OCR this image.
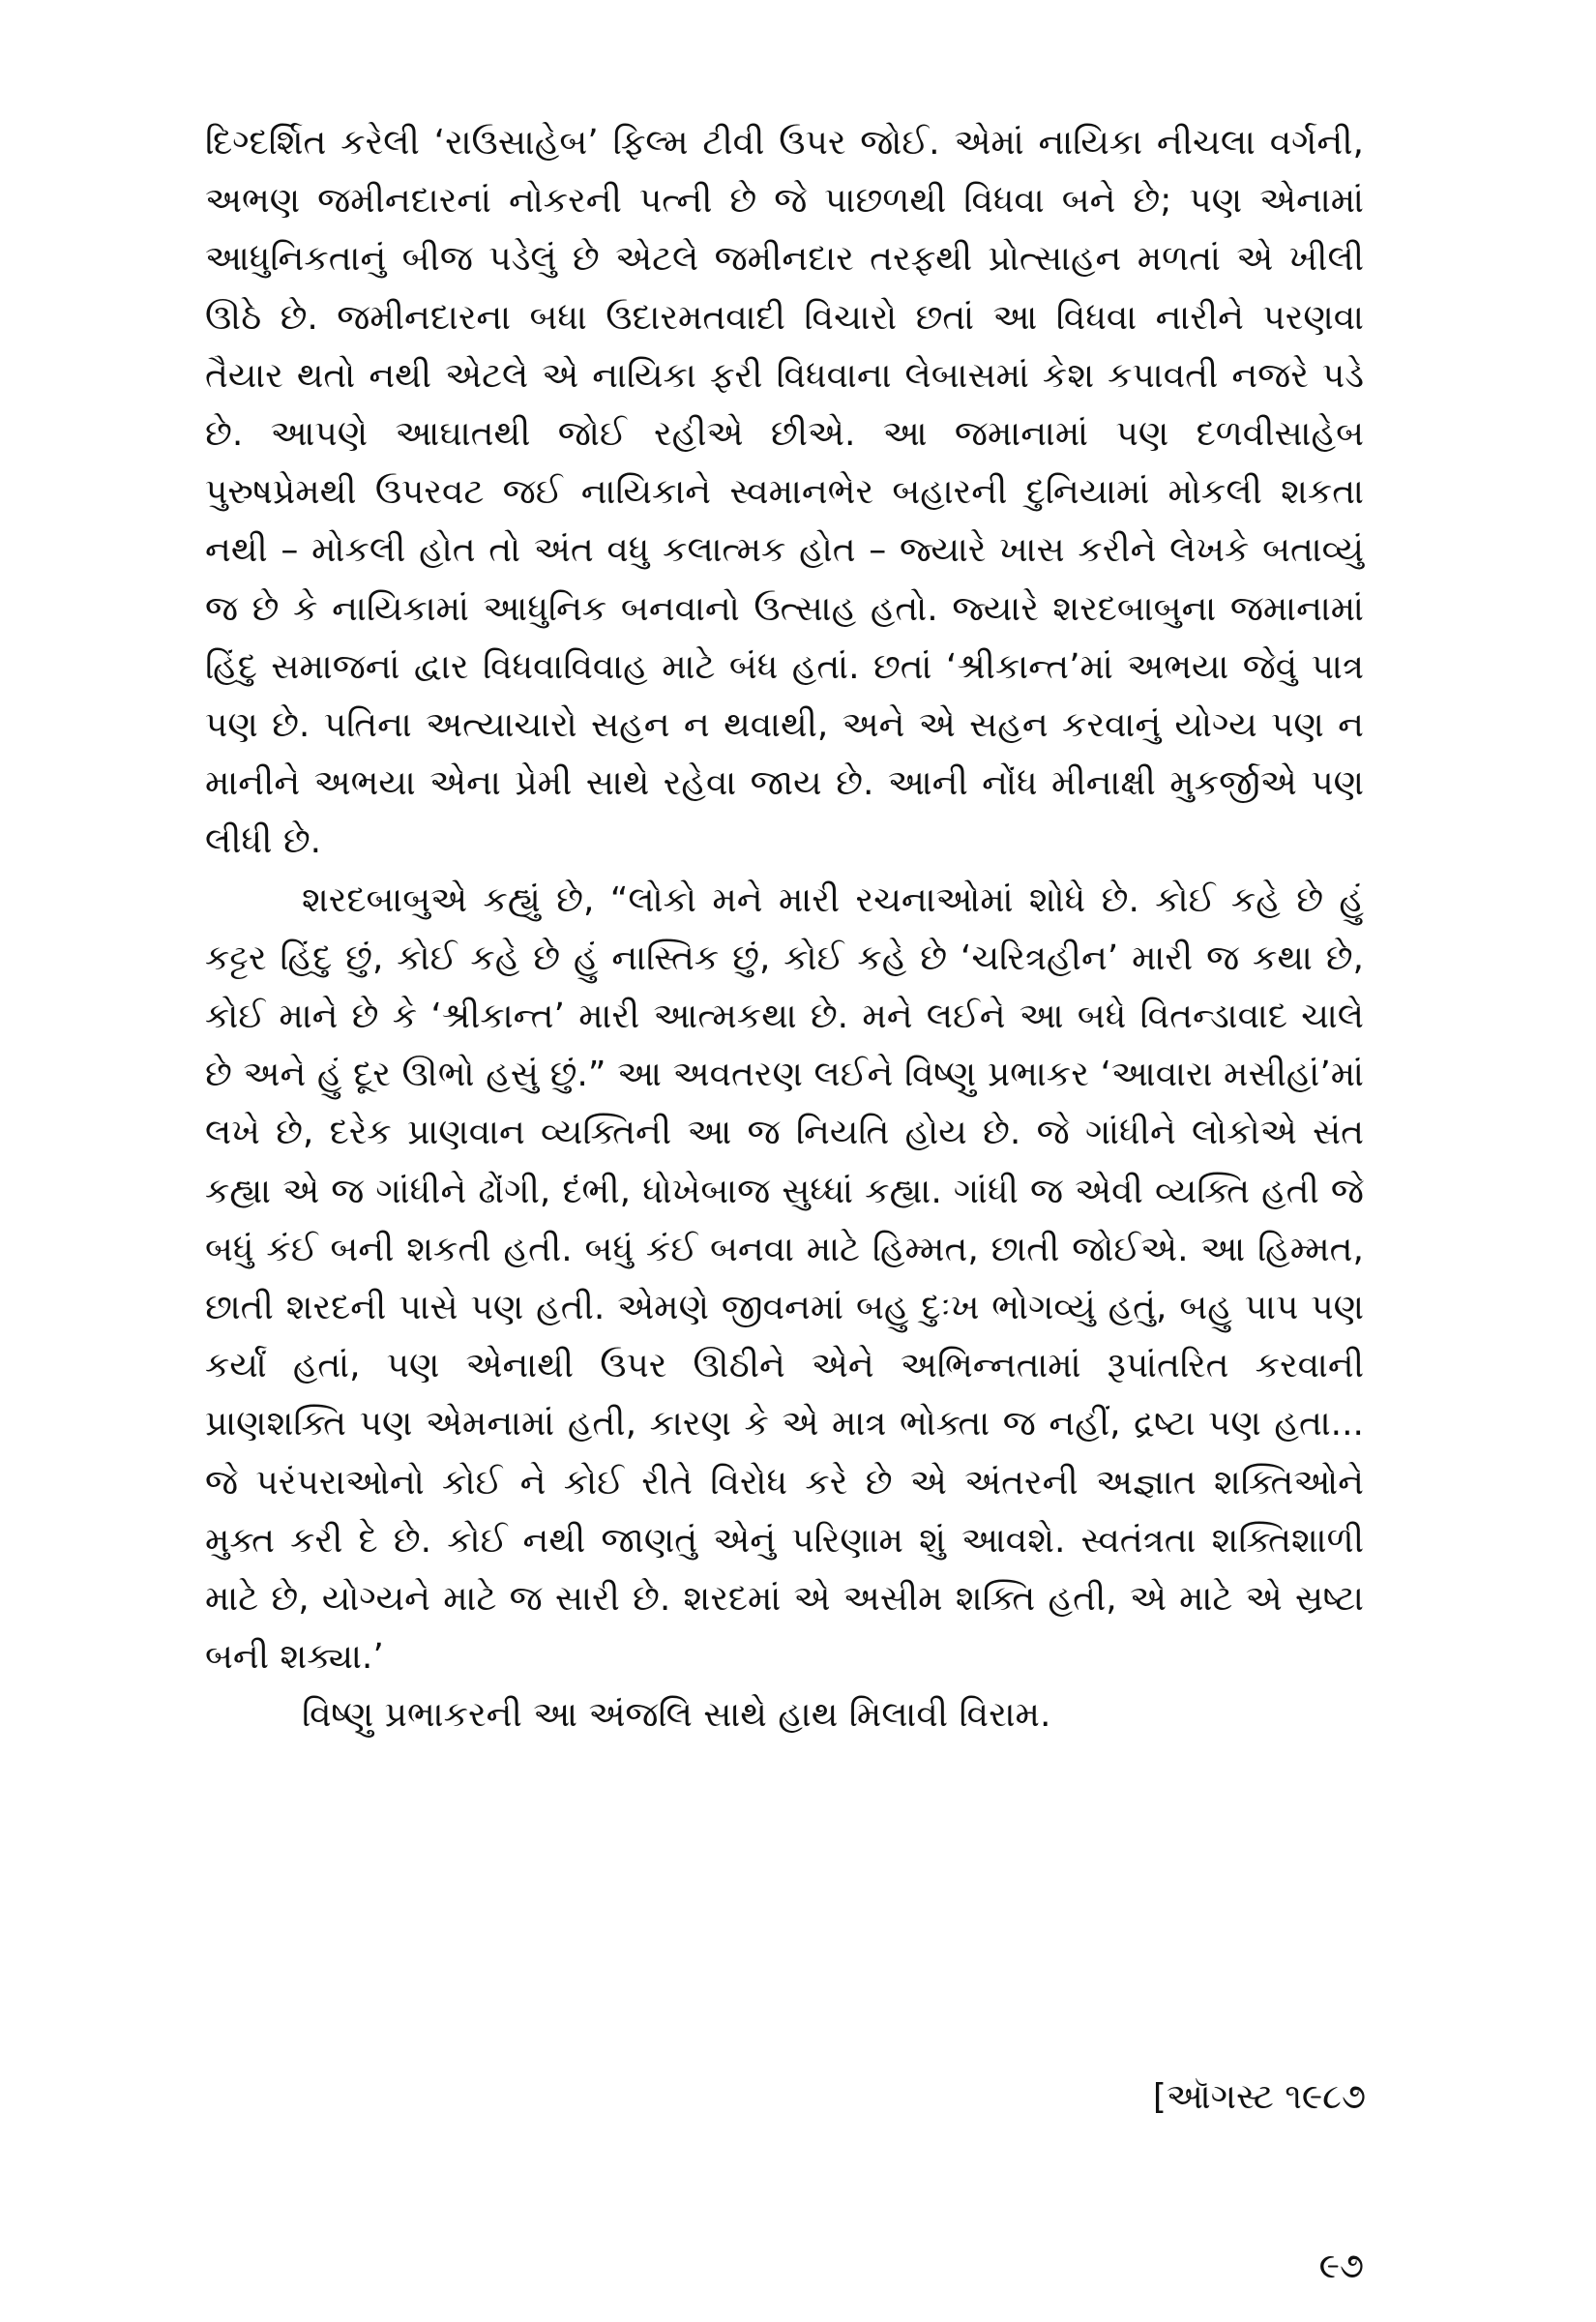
દિગ્દર્શિત કરેલી ‘રાઉસાહેબ’ ફિલ્મ ટીવી ઉપર જોઈ. એમાં નાયિકા નીચલા વર્ગની, અભણ જમીનદારનાં નોકરની પત્ની છે જે પાછળથી વિધવા બને છે; પણ એનામાં આધુનિકતાનું બીજ પડેલું છે એટલે જમીનદાર તરફથી પ્રોત્સાહન મળતાં એ ખીલી ઊઠે છે. જમીનદારના બધા ઉદારમતવાદી વિચારો છતાં આ વિધવા નારીને પરણવા તૈયાર થતો નથી એટલે એ નાયિકા ફરી વિધવાના લેબાસમાં કેશ કપાવતી નજરે પડે છે. આપણે આઘાતથી જોઈ રહીએ છીએ. આ જમાનામાં પણ દળવીસાહેબ પુરુષપ્રેમથી ઉપરવટ જઈ નાયિકાને સ્વમાનભેર બહારની દુનિયામાં મોકલી શકતા નથી – મોકલી હોત તો અંત વધુ કલાત્મક હોત – જ્યારે ખાસ કરીને લેખકે બતાવ્યું જ છે કે નાયિકામાં આધુનિક બનવાનો ઉત્સાહ હતો. જ્યારે શરદબાબુના જમાનામાં હિંદુ સમાજનાં દ્વાર વિધવાવિવાહ માટે બંધ હતાં. છતાં ‘શ્રીકાન્ત’માં અભયા જેવું પાત્ર પણ છે. પતિના અત્યાચારો સહન ન થવાથી, અને એ સહન કરવાનું યોગ્ય પણ ન માનીને અભયા એના પ્રેમી સાથે રહેવા જાય છે. આની નોંધ મીનાક્ષી મુકર્જીએ પણ લીધી છે.

શરદબાબુએ કહ્યું છે, “લોકો મને મારી રચનાઓમાં શોધે છે. કોઈ કહે છે હું કટ્ટર હિંદુ છું, કોઈ કહે છે હું નાસ્તિક છું, કોઈ કહે છે ‘ચરિત્રહીન’ મારી જ કથા છે, કોઈ માને છે કે ‘શ્રીકાન્ત’ મારી આત્મકથા છે. મને લઈને આ બધે વિતન્ડાવાદ ચાલે છે અને હું દૂર ઊભો હસું છું.” આ અવતરણ લઈને વિષ્ણુ પ્રભાકર ‘આવારા મસીહાં’માં લખે છે, દરેક પ્રાણવાન વ્યક્તિની આ જ નિયતિ હોય છે. જે ગાંધીને લોકોએ સંત કહ્યા એ જ ગાંધીને ઢોંગી, દંભી, ધોખેબાજ સુધ્ધાં કહ્યા. ગાંધી જ એવી વ્યક્તિ હતી જે બધું કંઈ બની શકતી હતી. બધું કંઈ બનવા માટે હિમ્મત, છાતી જોઈએ. આ હિમ્મત, છાતી શરદની પાસે પણ હતી. એમણે જીવનમાં બહુ દુઃખ ભોગવ્યું હતું, બહુ પાપ પણ કર્યાં હતાં, પણ એનાથી ઉપર ઊઠીને એને અભિન્નતામાં રૂપાંતરિત કરવાની પ્રાણશક્તિ પણ એમનામાં હતી, કારણ કે એ માત્ર ભોક્તા જ નહીં, દ્રષ્ટા પણ હતા... જે પરંપરાઓનો કોઈ ને કોઈ રીતે વિરોધ કરે છે એ અંતરની અજ્ઞાત શક્તિઓને મુક્ત કરી દે છે. કોઈ નથી જાણતું એનું પરિણામ શું આવશે. સ્વતંત્રતા શક્તિશાળી માટે છે, યોગ્યને માટે જ સારી છે. શરદમાં એ અસીમ શક્તિ હતી, એ માટે એ સ્રષ્ટા બની શક્યા.’

વિષ્ણુ પ્રભાકરની આ અંજલિ સાથે હાથ મિલાવી વિરામ.

[ઑગસ્ટ ૧૯૮૭
૯૭
